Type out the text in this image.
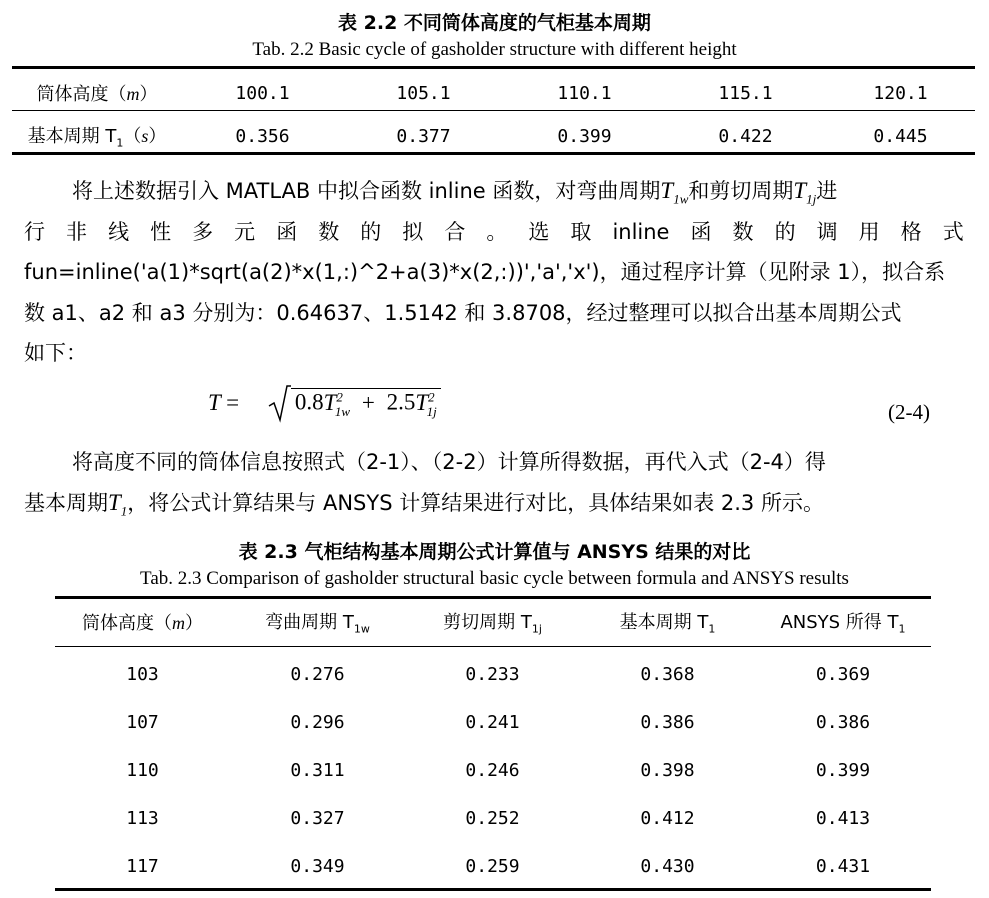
表 2.2 不同筒体高度的气柜基本周期
Tab. 2.2 Basic cycle of gasholder structure with different height
筒体高度（m）	100.1	105.1	110.1	115.1	120.1
基本周期 $T_1(s)$	0.356	0.377	0.399	0.422	0.445
将上述数据引入 MATLAB 中拟合函数 inline 函数，对弯曲周期$T_{1w}$和剪切周期$T_{1j}$进
行 非 线 性 多 元 函 数 的 拟 合 。 选 取 inline 函 数 的 调 用 格 式
fun=inline('a(1)*sqrt(a(2)*x(1,:)^2+a(3)*x(2,:))','a','x')，通过程序计算（见附录 1），拟合系
数 a1、a2 和 a3 分别为：0.64637、1.5142 和 3.8708，经过整理可以拟合出基本周期公式
如下：
$T = 0.8T^2_{1w} + 2.5T^2_{1j}$	(2-4)
将高度不同的筒体信息按照式（2-1）、（2-2）计算所得数据，再代入式（2-4）得
基本周期$T_1$，将公式计算结果与 ANSYS 计算结果进行对比，具体结果如表 2.3 所示。
表 2.3 气柜结构基本周期公式计算值与 ANSYS 结果的对比
Tab. 2.3 Comparison of gasholder structural basic cycle between formula and ANSYS results
筒体高度（m）	弯曲周期 $T_{1w}$	剪切周期 $T_{1j}$	基本周期 $T_1$	ANSYS 所得 $T_1$
103	0.276	0.233	0.368	0.369
107	0.296	0.241	0.386	0.386
110	0.311	0.246	0.398	0.399
113	0.327	0.252	0.412	0.413
117	0.349	0.259	0.430	0.431
